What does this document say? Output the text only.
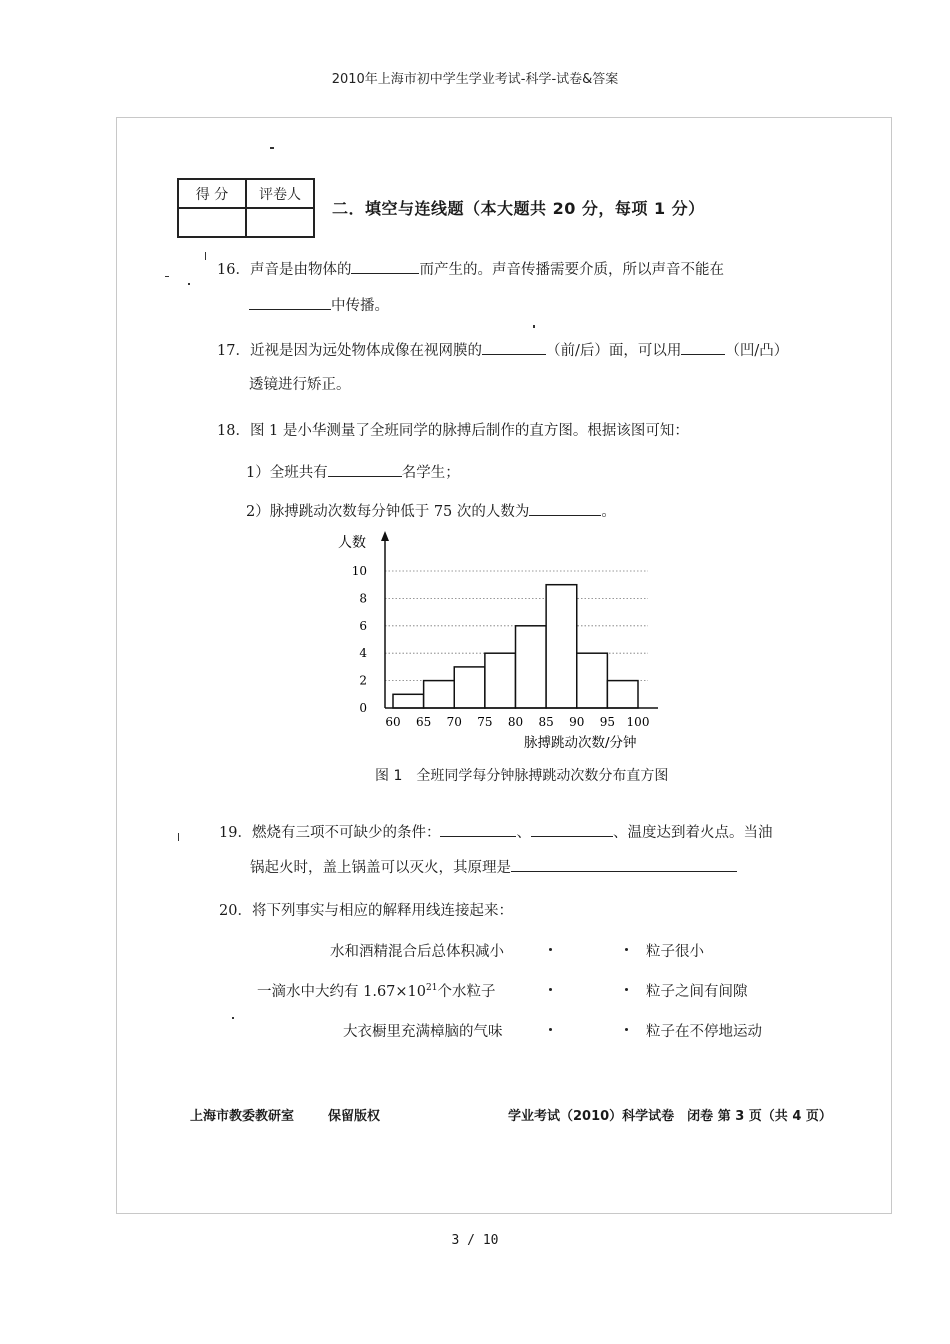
2010年上海市初中学生学业考试-科学-试卷&答案
得 分	评卷人

二．填空与连线题（本大题共 20 分，每项 1 分）
16．声音是由物体的	而产生的。声音传播需要介质，所以声音不能在
中传播。
17．近视是因为远处物体成像在视网膜的	（前/后）面，可以用	（凹/凸）
透镜进行矫正。
18．图 1 是小华测量了全班同学的脉搏后制作的直方图。根据该图可知：
1）全班共有	名学生；
2）脉搏跳动次数每分钟低于 75 次的人数为	。
0
2
4
6
8
10
60 65 70 75 80 85 90 95 100
人数
脉搏跳动次数/分钟
图 1　全班同学每分钟脉搏跳动次数分布直方图
19．燃烧有三项不可缺少的条件：	、	、温度达到着火点。当油
锅起火时，盖上锅盖可以灭火，其原理是
20．将下列事实与相应的解释用线连接起来：
水和酒精混合后总体积减小
一滴水中大约有 $1.67\times 10^{21}$个水粒子
大衣橱里充满樟脑的气味
粒子很小
粒子之间有间隙
粒子在不停地运动
上海市教委教研室	保留版权	学业考试（2010）科学试卷　闭卷 第 3 页（共 4 页）
3 / 10
